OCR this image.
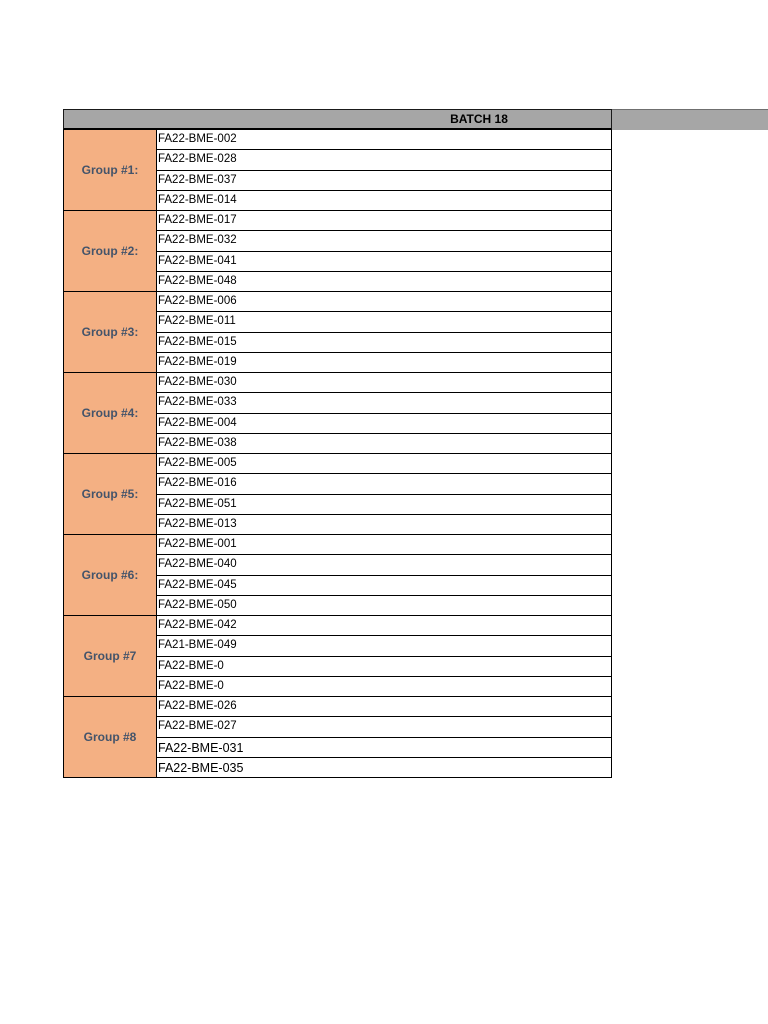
BATCH 18
Group #1:
FA22-BME-002
FA22-BME-028
FA22-BME-037
FA22-BME-014
Group #2:
FA22-BME-017
FA22-BME-032
FA22-BME-041
FA22-BME-048
Group #3:
FA22-BME-006
FA22-BME-011
FA22-BME-015
FA22-BME-019
Group #4:
FA22-BME-030
FA22-BME-033
FA22-BME-004
FA22-BME-038
Group #5:
FA22-BME-005
FA22-BME-016
FA22-BME-051
FA22-BME-013
Group #6:
FA22-BME-001
FA22-BME-040
FA22-BME-045
FA22-BME-050
Group #7
FA22-BME-042
FA21-BME-049
FA22-BME-0
FA22-BME-0
Group #8
FA22-BME-026
FA22-BME-027
FA22-BME-031
FA22-BME-035
